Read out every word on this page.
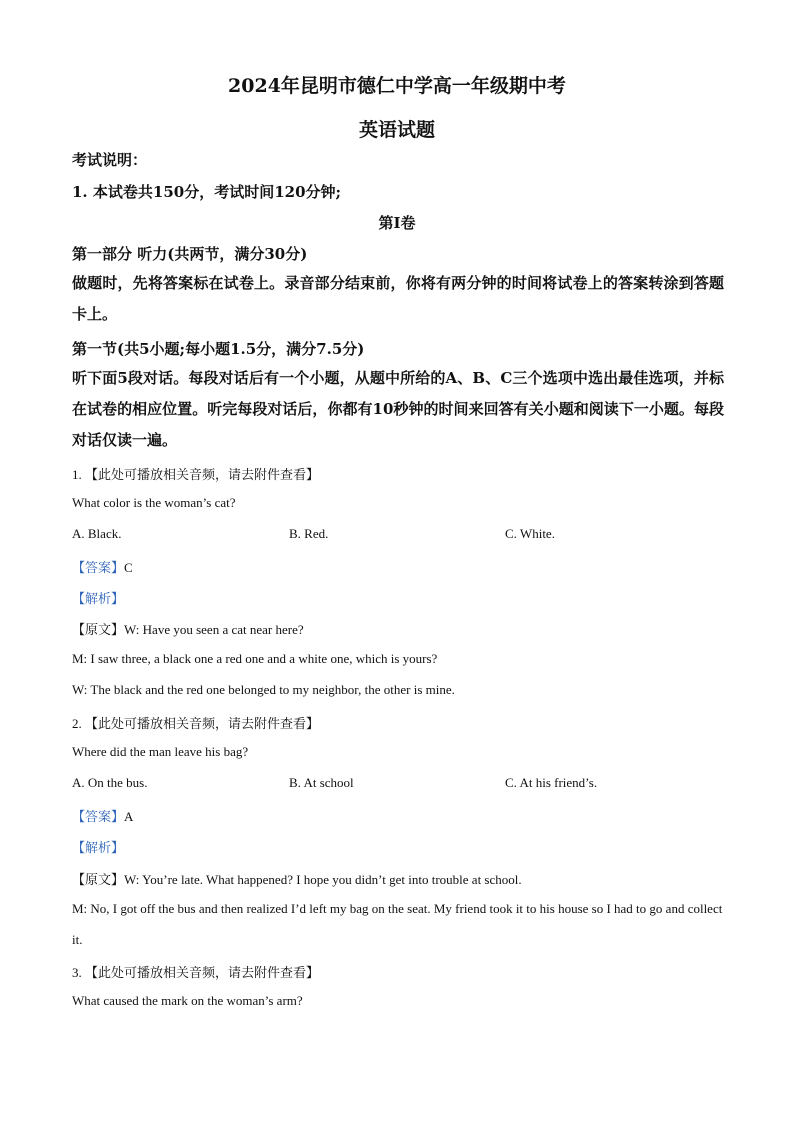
2024年昆明市德仁中学高一年级期中考
英语试题
考试说明：
1. 本试卷共150分，考试时间120分钟;
第Ⅰ卷
第一部分 听力(共两节，满分30分)
做题时，先将答案标在试卷上。录音部分结束前，你将有两分钟的时间将试卷上的答案转涂到答题卡上。
第一节(共5小题;每小题1.5分，满分7.5分)
听下面5段对话。每段对话后有一个小题，从题中所给的A、B、C三个选项中选出最佳选项，并标在试卷的相应位置。听完每段对话后，你都有10秒钟的时间来回答有关小题和阅读下一小题。每段对话仅读一遍。
1. 【此处可播放相关音频，请去附件查看】
What color is the woman’s cat?
A. Black.	B. Red.	C. White.
【答案】C
【解析】
【原文】W: Have you seen a cat near here?
M: I saw three, a black one a red one and a white one, which is yours?
W: The black and the red one belonged to my neighbor, the other is mine.
2. 【此处可播放相关音频，请去附件查看】
Where did the man leave his bag?
A. On the bus.	B. At school	C. At his friend’s.
【答案】A
【解析】
【原文】W: You’re late. What happened? I hope you didn’t get into trouble at school.
M: No, I got off the bus and then realized I’d left my bag on the seat. My friend took it to his house so I had to go and collect it.
3. 【此处可播放相关音频，请去附件查看】
What caused the mark on the woman’s arm?
